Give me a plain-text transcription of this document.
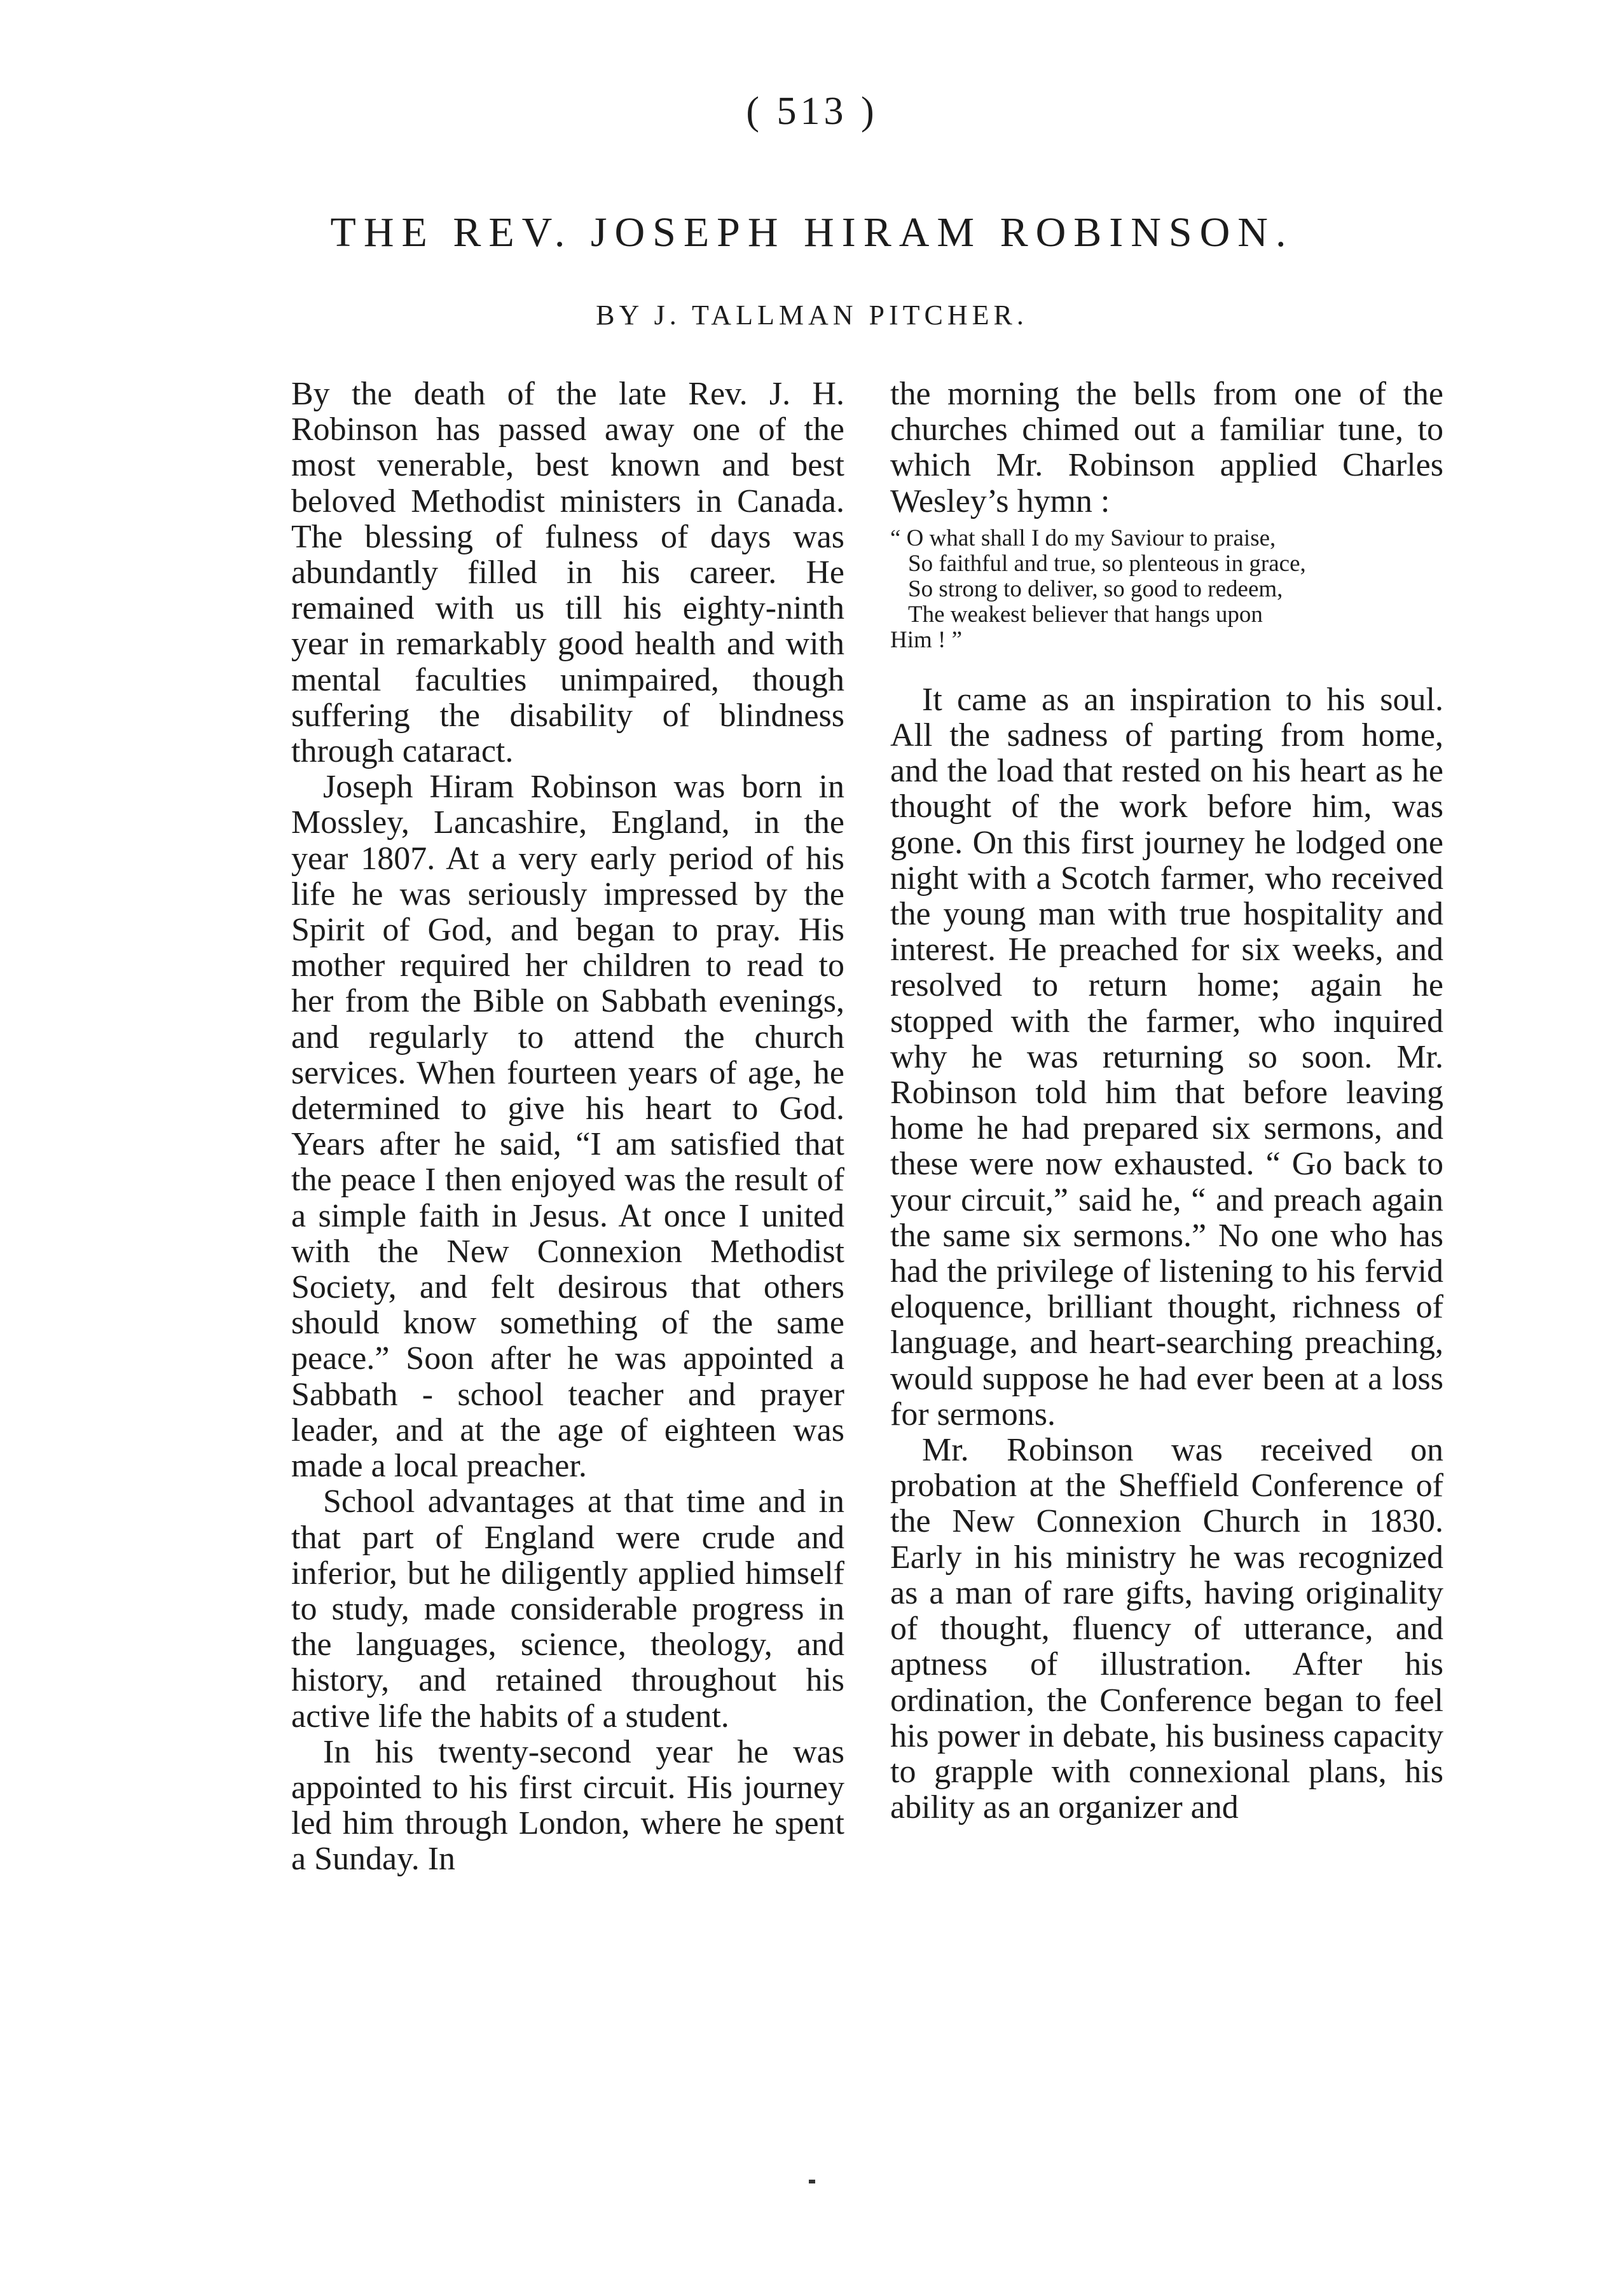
( 513 )
THE REV. JOSEPH HIRAM ROBINSON.
BY J. TALLMAN PITCHER.

By the death of the late Rev. J. H. Robinson has passed away one of the most venerable, best known and best beloved Methodist ministers in Canada. The blessing of fulness of days was abundantly filled in his career. He remained with us till his eighty-ninth year in remarkably good health and with mental faculties unimpaired, though suffering the disability of blindness through cataract.

Joseph Hiram Robinson was born in Mossley, Lancashire, England, in the year 1807. At a very early period of his life he was seriously impressed by the Spirit of God, and began to pray. His mother required her children to read to her from the Bible on Sabbath evenings, and regularly to attend the church services. When fourteen years of age, he determined to give his heart to God. Years after he said, “I am satisfied that the peace I then enjoyed was the result of a simple faith in Jesus. At once I united with the New Connexion Methodist Society, and felt desirous that others should know something of the same peace.” Soon after he was appointed a Sabbath - school teacher and prayer leader, and at the age of eighteen was made a local preacher.

School advantages at that time and in that part of England were crude and inferior, but he diligently applied himself to study, made considerable progress in the languages, science, theology, and history, and retained throughout his active life the habits of a student.

In his twenty-second year he was appointed to his first circuit. His journey led him through London, where he spent a Sunday. In

the morning the bells from one of the churches chimed out a familiar tune, to which Mr. Robinson applied Charles Wesley’s hymn :

“ O what shall I do my Saviour to praise,
So faithful and true, so plenteous in grace,
So strong to deliver, so good to redeem,
The weakest believer that hangs upon
Him ! ”

It came as an inspiration to his soul. All the sadness of parting from home, and the load that rested on his heart as he thought of the work before him, was gone. On this first journey he lodged one night with a Scotch farmer, who received the young man with true hospitality and interest. He preached for six weeks, and resolved to return home; again he stopped with the farmer, who inquired why he was returning so soon. Mr. Robinson told him that before leaving home he had prepared six sermons, and these were now exhausted. “ Go back to your circuit,” said he, “ and preach again the same six sermons.” No one who has had the privilege of listening to his fervid eloquence, brilliant thought, richness of language, and heart-searching preaching, would suppose he had ever been at a loss for sermons.

Mr. Robinson was received on probation at the Sheffield Conference of the New Connexion Church in 1830. Early in his ministry he was recognized as a man of rare gifts, having originality of thought, fluency of utterance, and aptness of illustration. After his ordination, the Conference began to feel his power in debate, his business capacity to grapple with connexional plans, his ability as an organizer and
